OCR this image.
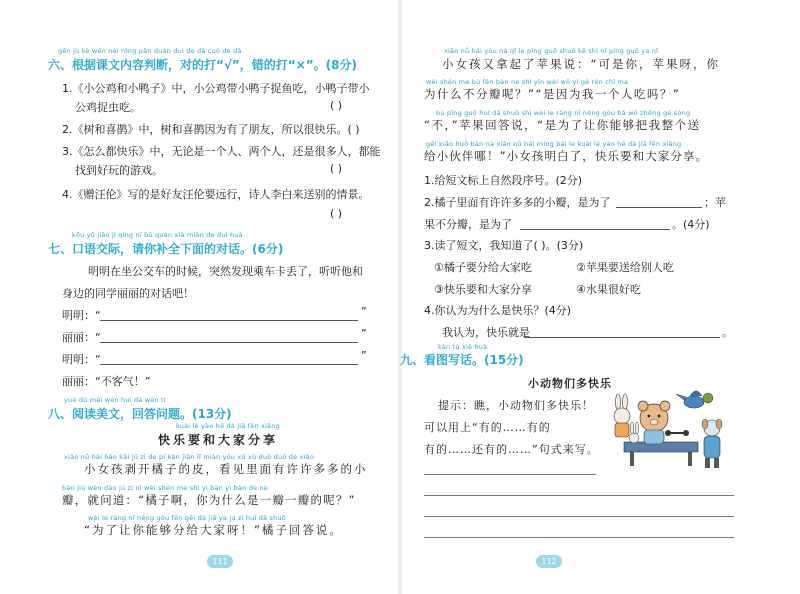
gēn jù kè wén nèi róng pàn duàn duì de dǎ cuò de dǎ
六、根据课文内容判断，对的打“√”，错的打“×”。(8分)
1.《小公鸡和小鸭子》中，小公鸡带小鸭子捉鱼吃，小鸭子带小
公鸡捉虫吃。	( )
2.《树和喜鹊》中，树和喜鹊因为有了朋友，所以很快乐。( )
3.《怎么都快乐》中，无论是一个人、两个人，还是很多人，都能
找到好玩的游戏。	( )
4.《赠汪伦》写的是好友汪伦要远行，诗人李白来送别的情景。
( )
kǒu yǔ jiāo jì qǐng nǐ bǔ quán xià miàn de duì huà
七、口语交际，请你补全下面的对话。(6分)
明明在坐公交车的时候，突然发现乘车卡丢了，听听他和
身边的同学丽丽的对话吧！
明明：“	”
丽丽：“	”
明明：“	”
丽丽：“不客气！”
yuè dú měi wén huí dá wèn tí
八、阅读美文，回答问题。(13分)
kuài lè yào hé dà jiā fēn xiǎng
快乐要和大家分享
xiǎo nǚ hái bāo kāi jú zi de pí kàn jiàn lǐ miàn yǒu xǔ xǔ duō duō de xiǎo
小女孩剥开橘子的皮，看见里面有许许多多的小
bàn jiù wèn dào jú zi nǐ wèi shén me shì yì bàn yì bàn de ne
瓣，就问道：“橘子啊，你为什么是一瓣一瓣的呢？”
wèi le ràng nǐ néng gòu fēn gěi dà jiā ya jú zi huí dá shuō
“为了让你能够分给大家呀！”橘子回答说。
111
xiǎo nǚ hái yòu ná qǐ le píng guǒ shuō kě shì nǐ píng guǒ ya nǐ
小女孩又拿起了苹果说：“可是你，苹果呀，你
wèi shén me bù fēn bàn ne shì yīn wèi wǒ yí gè rén chī ma
为什么不分瓣呢？”“是因为我一个人吃吗？”
bú píng guǒ huí dá shuō shì wèi le ràng nǐ néng gòu bǎ wǒ zhěng gè sòng
“不，”苹果回答说，“是为了让你能够把我整个送
gěi xiǎo huǒ bàn na xiǎo nǚ hái míng bái le kuài lè yào hé dà jiā fēn xiǎng
给小伙伴哪！”小女孩明白了，快乐要和大家分享。
1.给短文标上自然段序号。(2分)
2.橘子里面有许许多多的小瓣，是为了	；苹
果不分瓣，是为了	。(4分)
3.读了短文，我知道了( )。(3分)
①橘子要分给大家吃	②苹果要送给别人吃
③快乐要和大家分享	④水果很好吃
4.你认为为什么是快乐？(4分)
我认为，快乐就是	。
kàn tú xiě huà
九、看图写话。(15分)
小动物们多快乐
提示：瞧，小动物们多快乐！
可以用上“有的……有的
有的……还有的……”句式来写。
112
